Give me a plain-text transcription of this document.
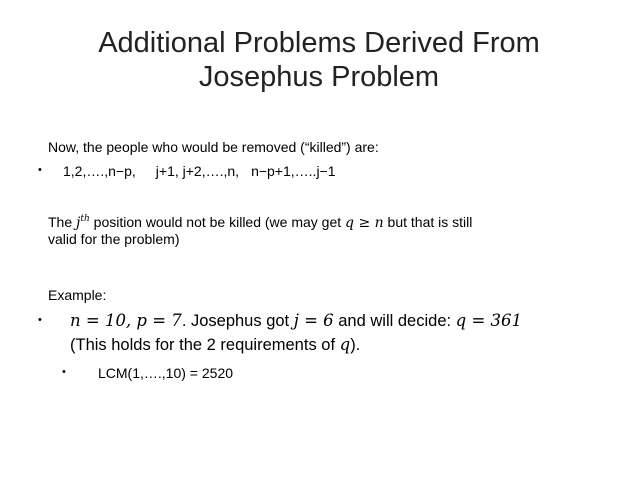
Additional Problems Derived From
Josephus Problem
Now, the people who would be removed (“killed”) are:
• 1,2,….,n−p, j+1, j+2,….,n, n−p+1,…..j−1
The $j^{th}$ position would not be killed (we may get q ≥ n but that is still
valid for the problem)
Example:
• n = 10, p = 7. Josephus got j = 6 and will decide: q = 361
(This holds for the 2 requirements of q).
• LCM(1,….,10) = 2520
